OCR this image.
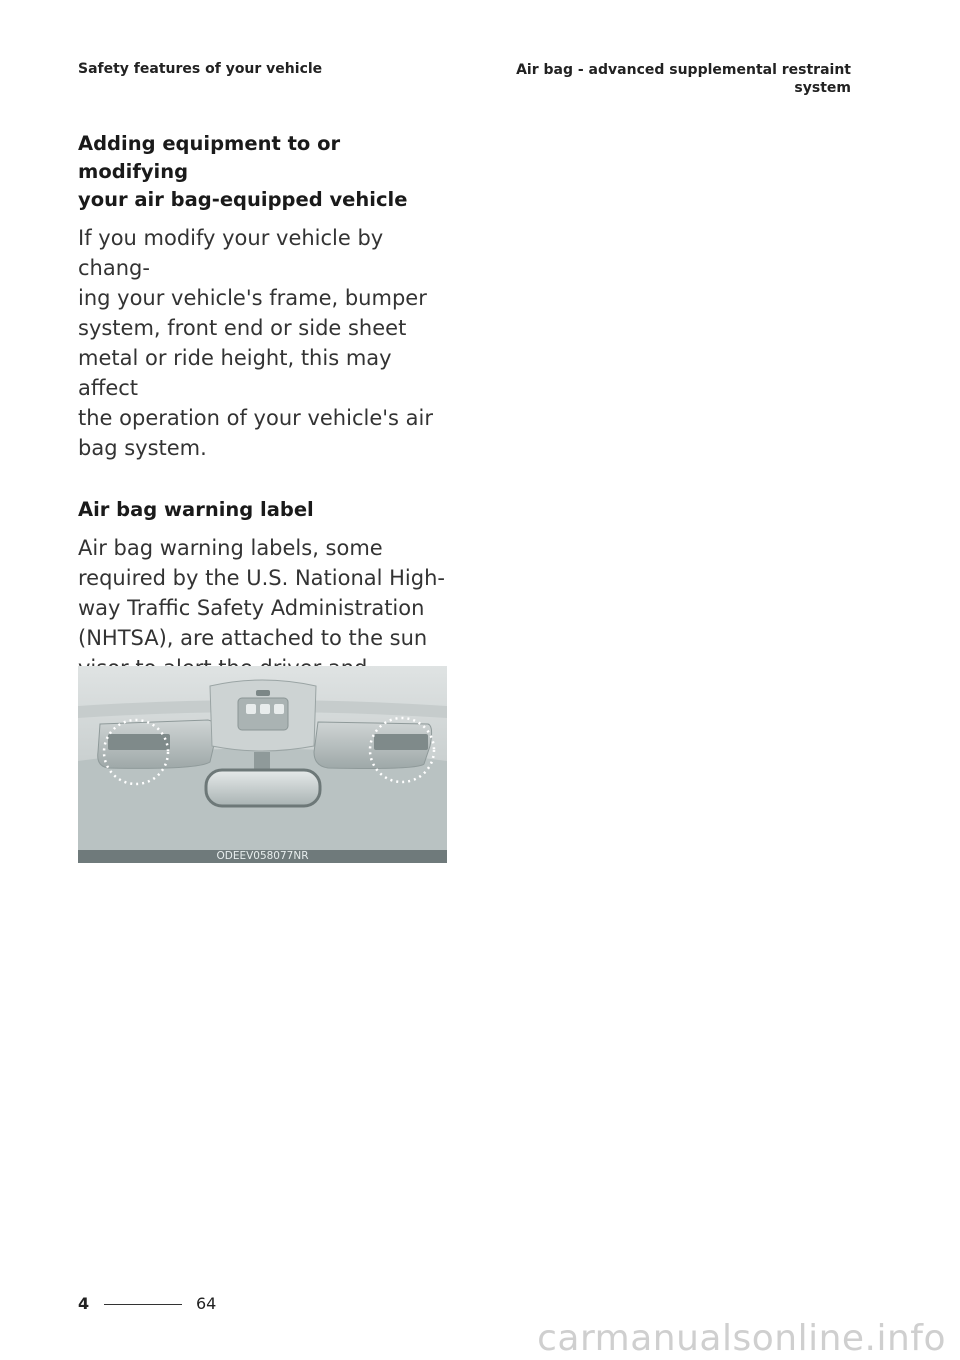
Safety features of your vehicle	Air bag - advanced supplemental restraint
system
Adding equipment to or modifying
your air bag-equipped vehicle

If you modify your vehicle by chang-
ing your vehicle's frame, bumper
system, front end or side sheet
metal or ride height, this may affect
the operation of your vehicle's air
bag system.

Air bag warning label

Air bag warning labels, some
required by the U.S. National High-
way Traffic Safety Administration
(NHTSA), are attached to the sun

ODEEV058077NR
4	64
carmanualsonline.info
